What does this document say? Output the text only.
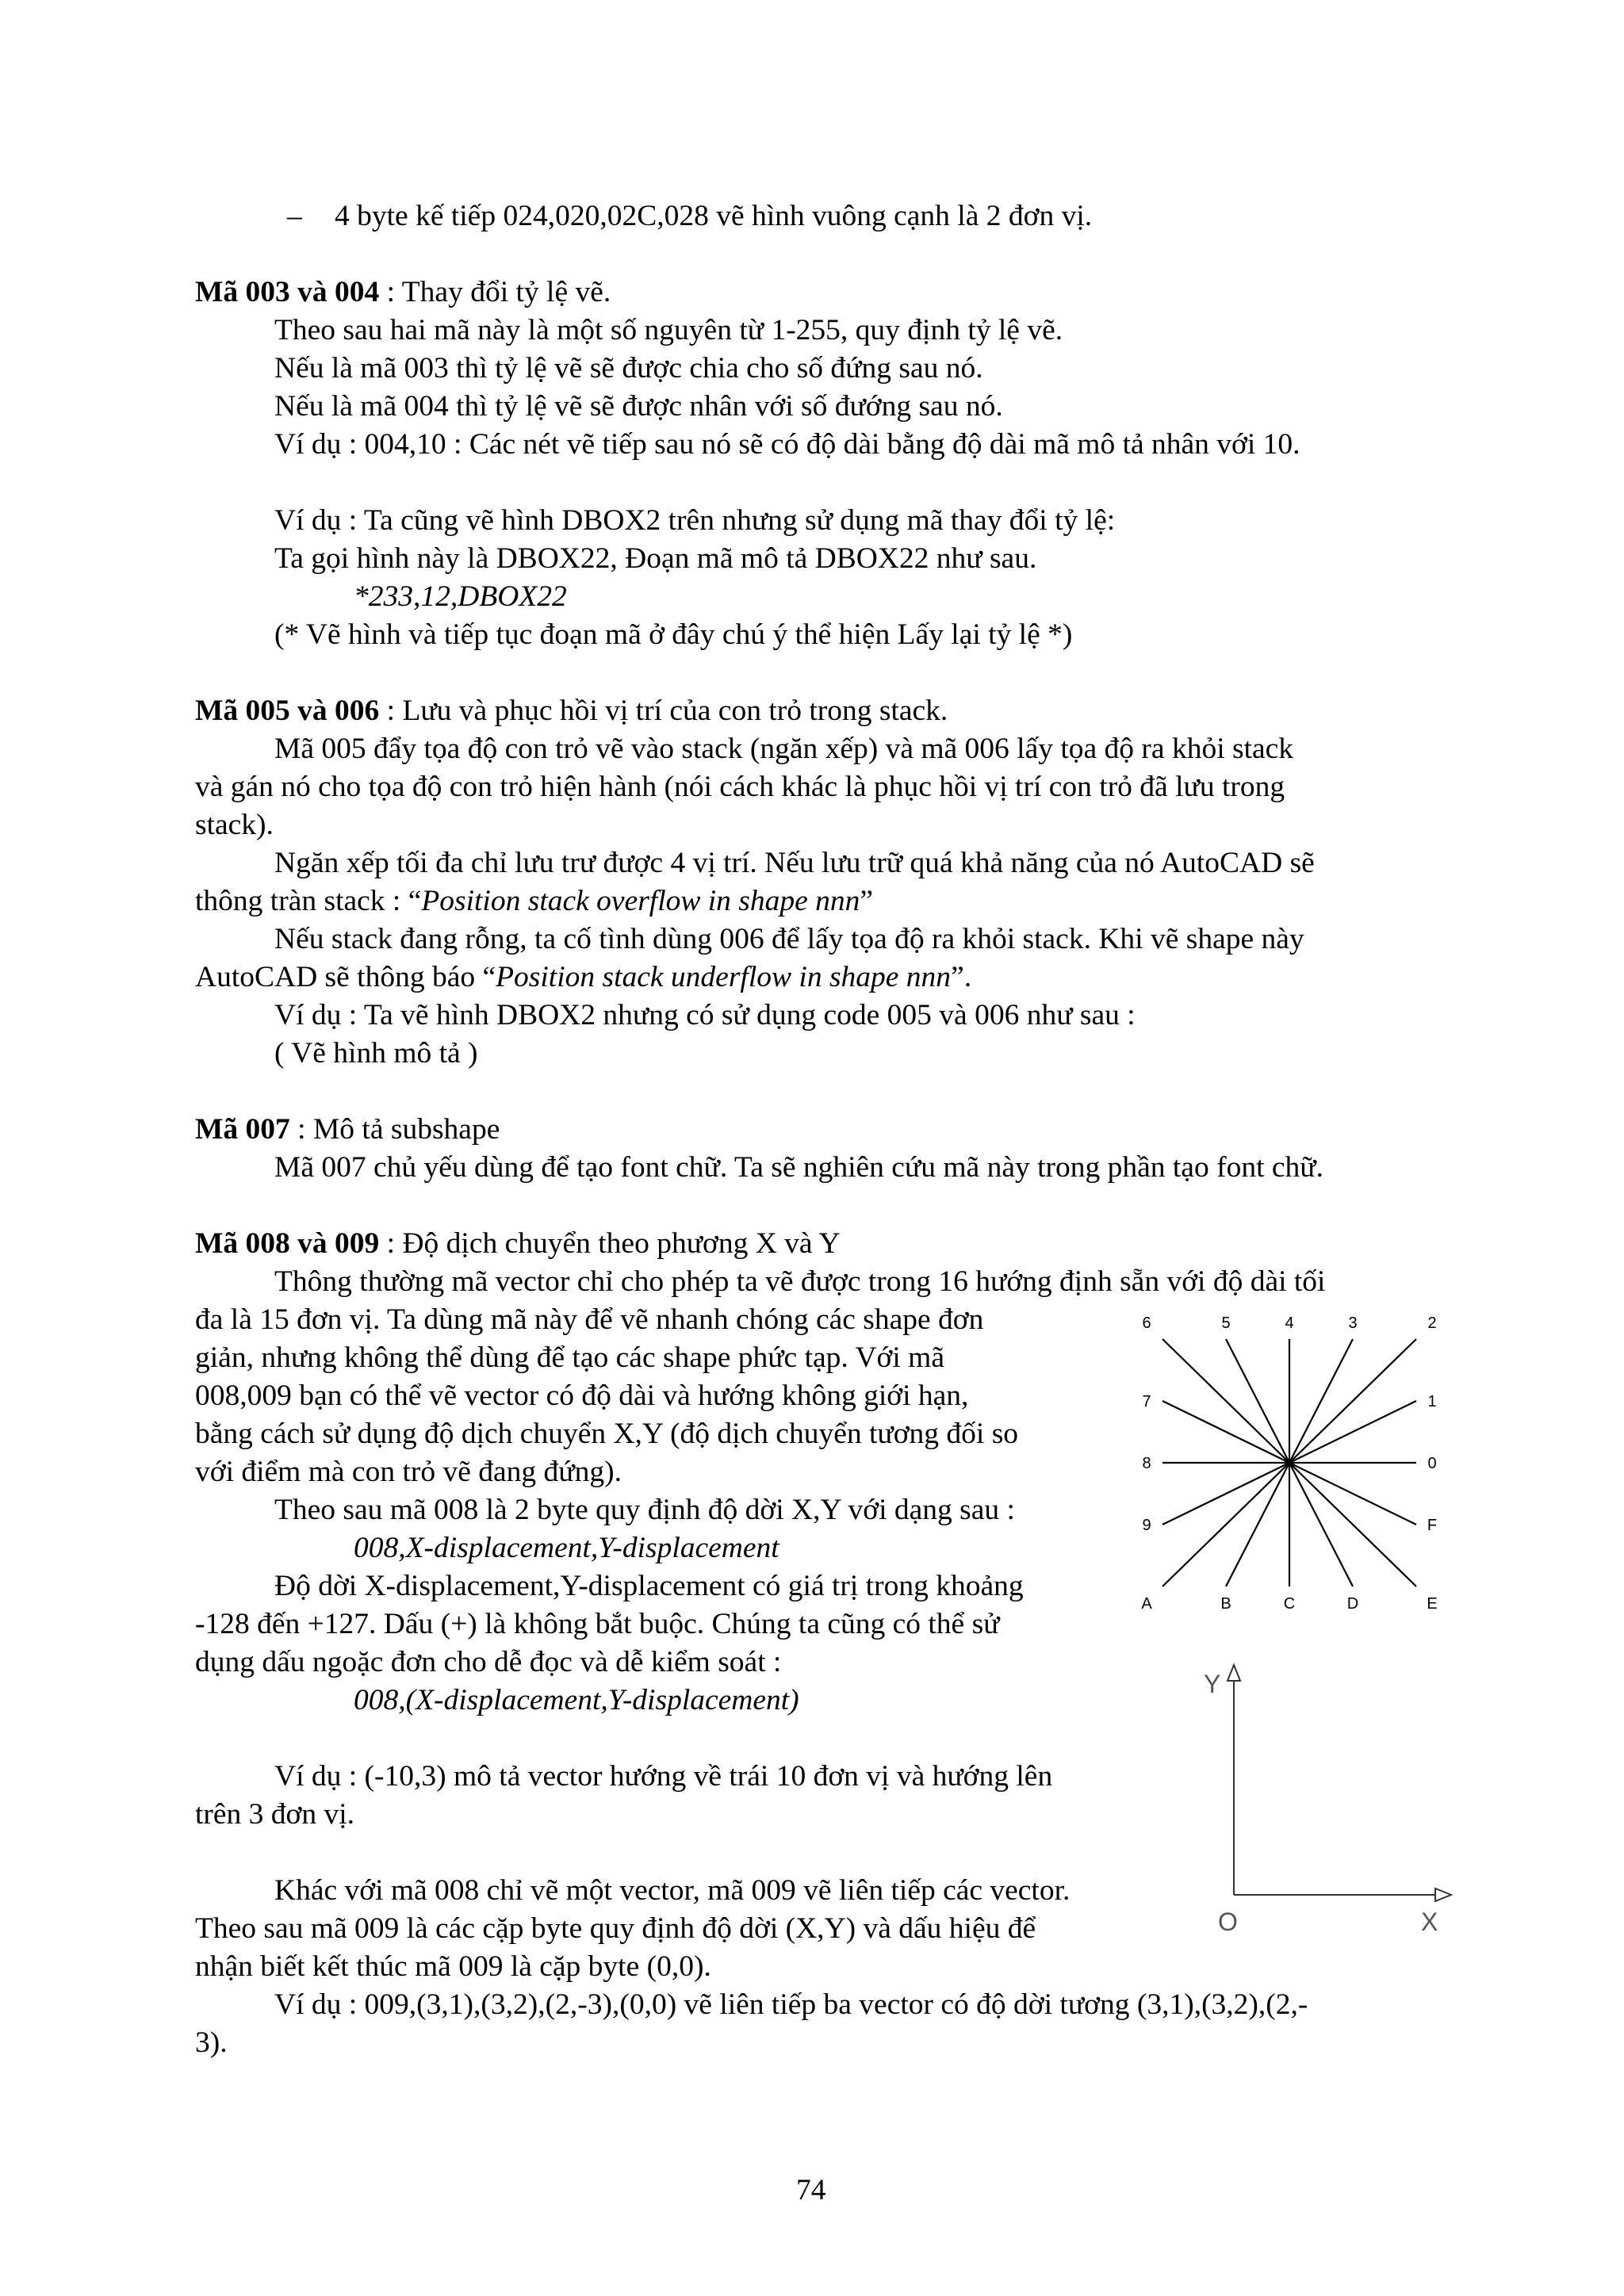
– 4 byte kế tiếp 024,020,02C,028 vẽ hình vuông cạnh là 2 đơn vị.
Mã 003 và 004 : Thay đổi tỷ lệ vẽ.
Theo sau hai mã này là một số nguyên từ 1-255, quy định tỷ lệ vẽ.
Nếu là mã 003 thì tỷ lệ vẽ sẽ được chia cho số đứng sau nó.
Nếu là mã 004 thì tỷ lệ vẽ sẽ được nhân với số đướng sau nó.
Ví dụ : 004,10 : Các nét vẽ tiếp sau nó sẽ có độ dài bằng độ dài mã mô tả nhân với 10.
Ví dụ : Ta cũng vẽ hình DBOX2 trên nhưng sử dụng mã thay đổi tỷ lệ:
Ta gọi hình này là DBOX22, Đoạn mã mô tả DBOX22 như sau.
*233,12,DBOX22
(* Vẽ hình và tiếp tục đoạn mã ở đây chú ý thể hiện Lấy lại tỷ lệ *)
Mã 005 và 006 : Lưu và phục hồi vị trí của con trỏ trong stack.
Mã 005 đẩy tọa độ con trỏ vẽ vào stack (ngăn xếp) và mã 006 lấy tọa độ ra khỏi stack
và gán nó cho tọa độ con trỏ hiện hành (nói cách khác là phục hồi vị trí con trỏ đã lưu trong
stack).
Ngăn xếp tối đa chỉ lưu trư được 4 vị trí. Nếu lưu trữ quá khả năng của nó AutoCAD sẽ
thông tràn stack : “Position stack overflow in shape nnn”
Nếu stack đang rỗng, ta cố tình dùng 006 để lấy tọa độ ra khỏi stack. Khi vẽ shape này
AutoCAD sẽ thông báo “Position stack underflow in shape nnn”.
Ví dụ : Ta vẽ hình DBOX2 nhưng có sử dụng code 005 và 006 như sau :
( Vẽ hình mô tả )
Mã 007 : Mô tả subshape
Mã 007 chủ yếu dùng để tạo font chữ. Ta sẽ nghiên cứu mã này trong phần tạo font chữ.
Mã 008 và 009 : Độ dịch chuyển theo phương X và Y
Thông thường mã vector chỉ cho phép ta vẽ được trong 16 hướng định sẵn với độ dài tối
đa là 15 đơn vị. Ta dùng mã này để vẽ nhanh chóng các shape đơn
giản, nhưng không thể dùng để tạo các shape phức tạp. Với mã
008,009 bạn có thể vẽ vector có độ dài và hướng không giới hạn,
bằng cách sử dụng độ dịch chuyển X,Y (độ dịch chuyển tương đối so
với điểm mà con trỏ vẽ đang đứng).
Theo sau mã 008 là 2 byte quy định độ dời X,Y với dạng sau :
008,X-displacement,Y-displacement
Độ dời X-displacement,Y-displacement có giá trị trong khoảng
-128 đến +127. Dấu (+) là không bắt buộc. Chúng ta cũng có thể sử
dụng dấu ngoặc đơn cho dễ đọc và dễ kiểm soát :
008,(X-displacement,Y-displacement)
Ví dụ : (-10,3) mô tả vector hướng về trái 10 đơn vị và hướng lên
trên 3 đơn vị.
Khác với mã 008 chỉ vẽ một vector, mã 009 vẽ liên tiếp các vector.
Theo sau mã 009 là các cặp byte quy định độ dời (X,Y) và dấu hiệu để
nhận biết kết thúc mã 009 là cặp byte (0,0).
Ví dụ : 009,(3,1),(3,2),(2,-3),(0,0) vẽ liên tiếp ba vector có độ dời tương (3,1),(3,2),(2,-
3).
0
1
2
3
4
5
6
7
8
9
A	B	C	D	E
F
Y
X
O
74
